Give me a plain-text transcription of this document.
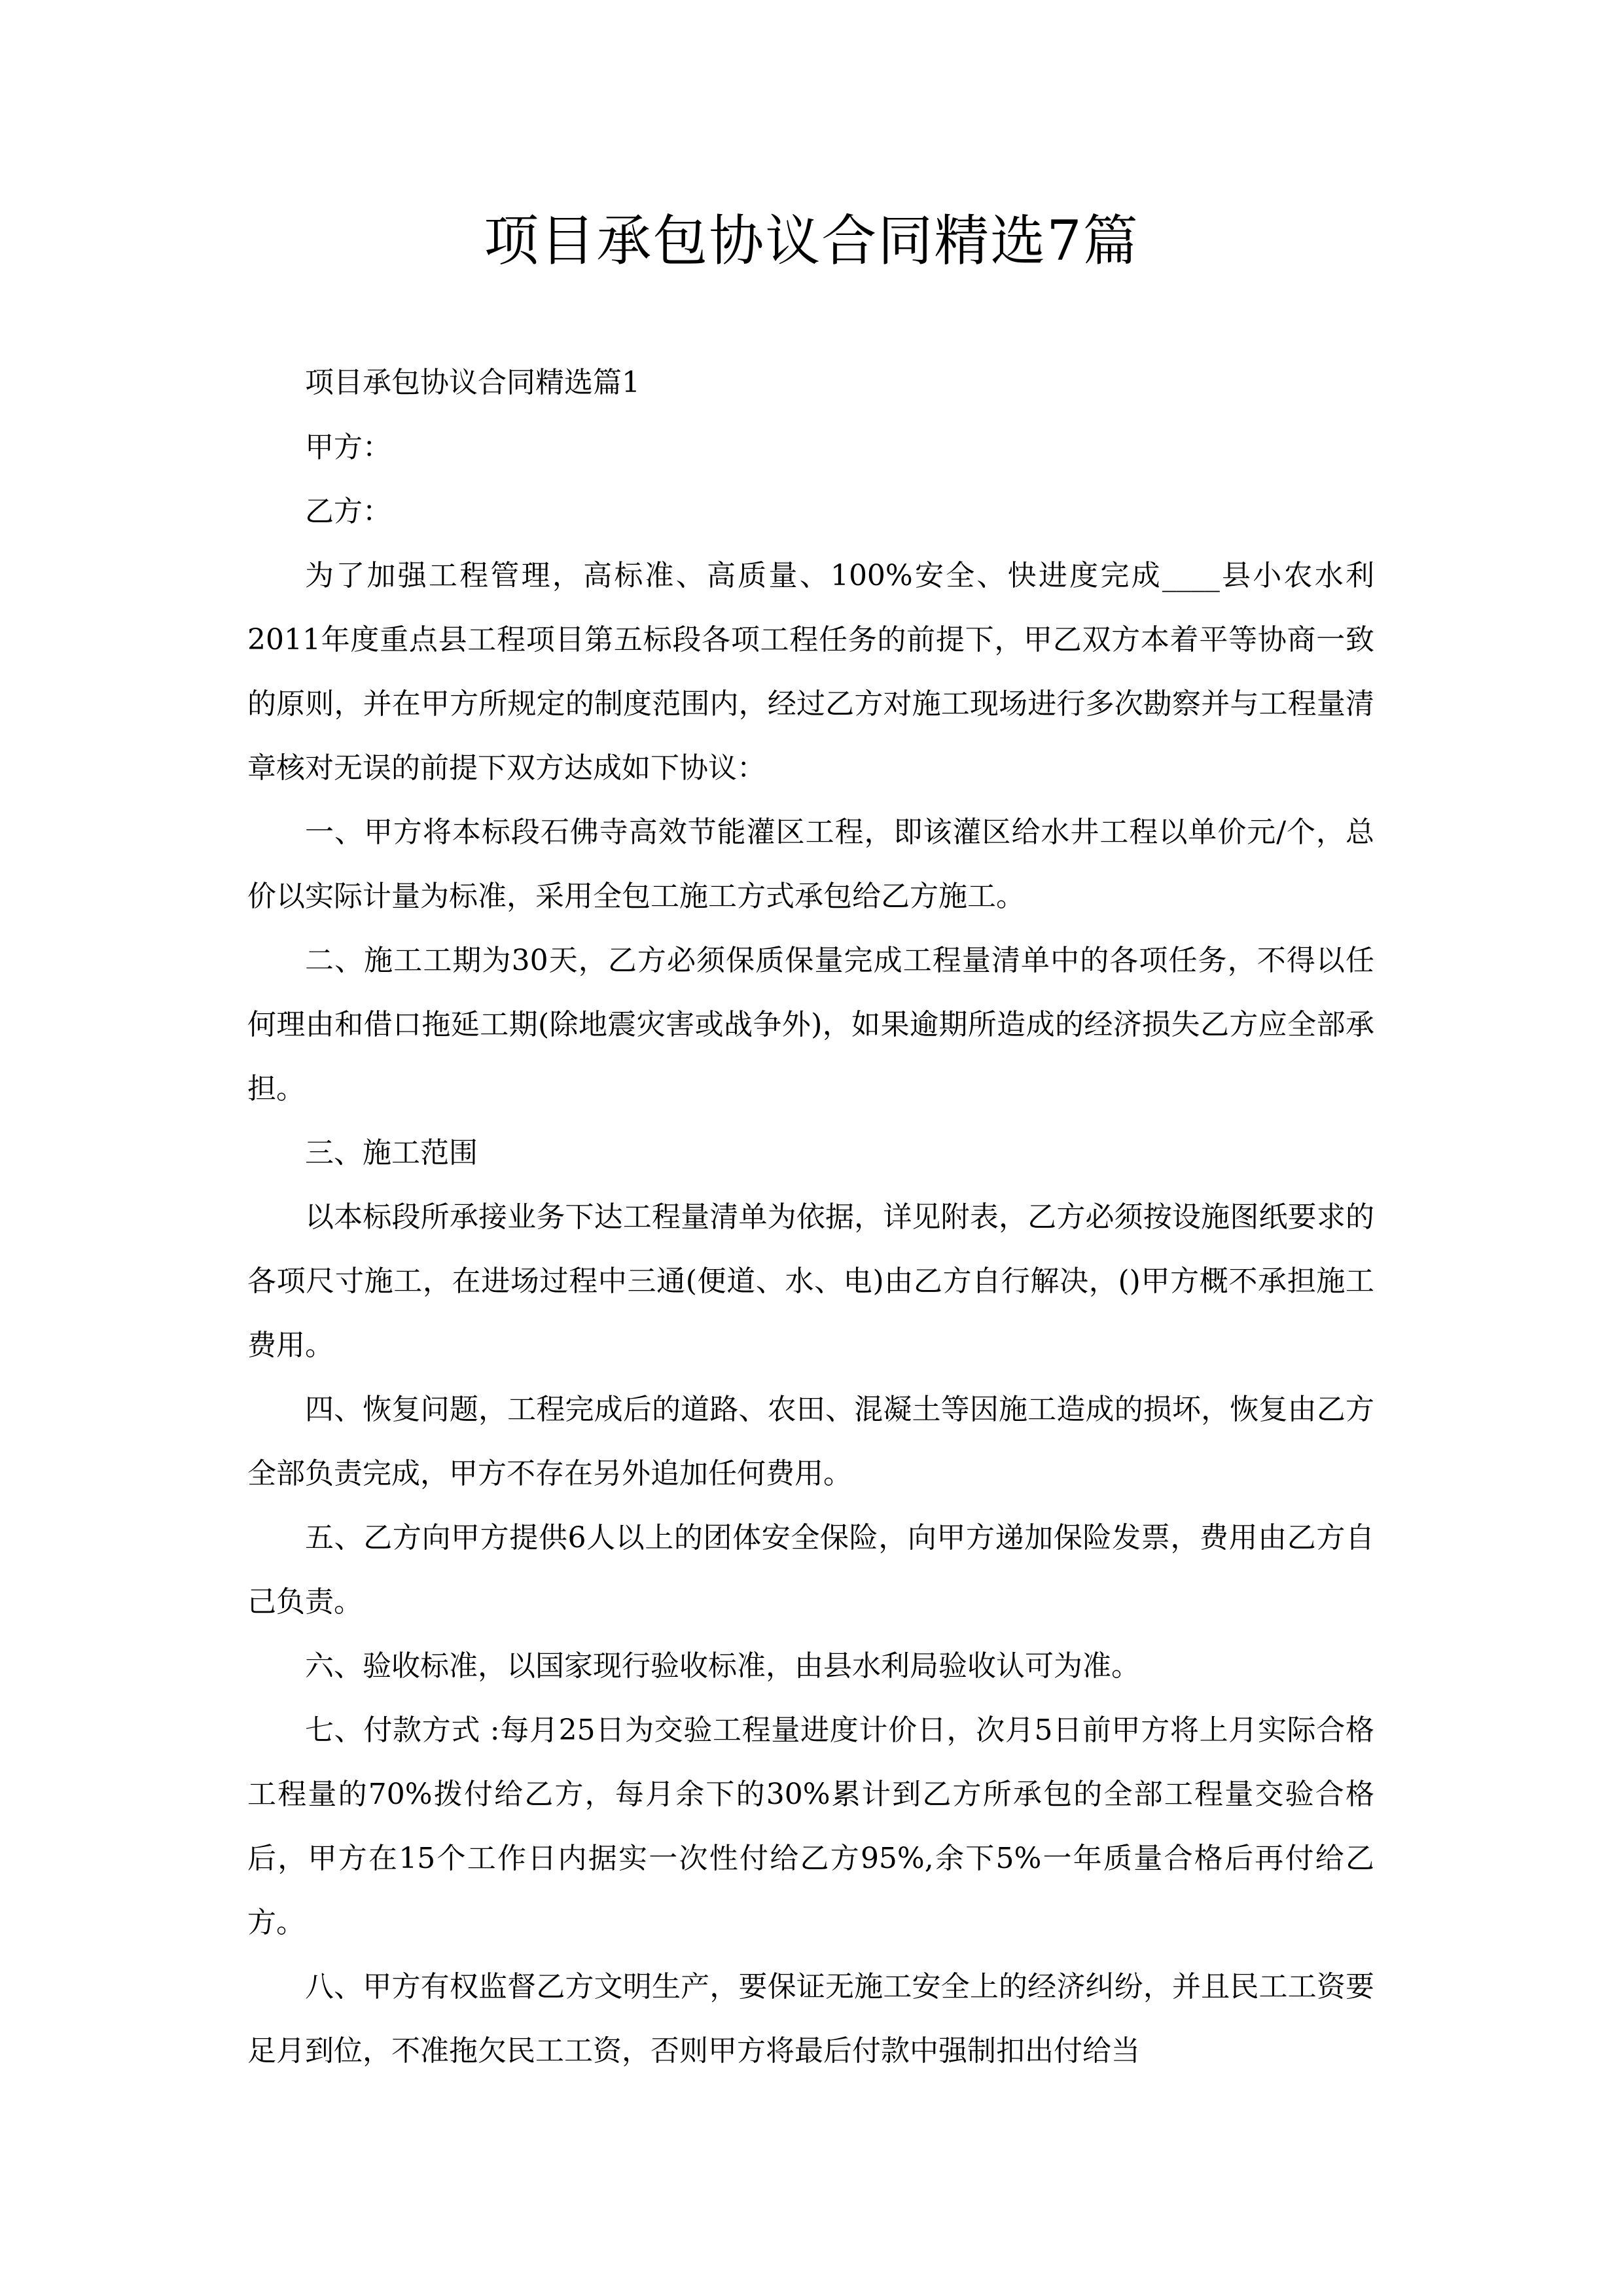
项目承包协议合同精选7篇

项目承包协议合同精选篇1

甲方：

乙方：

为了加强工程管理，高标准、高质量、100%安全、快进度完成____县小农水利2011年度重点县工程项目第五标段各项工程任务的前提下，甲乙双方本着平等协商一致的原则，并在甲方所规定的制度范围内，经过乙方对施工现场进行多次勘察并与工程量清章核对无误的前提下双方达成如下协议：

一、甲方将本标段石佛寺高效节能灌区工程，即该灌区给水井工程以单价元/个，总价以实际计量为标准，采用全包工施工方式承包给乙方施工。

二、施工工期为30天，乙方必须保质保量完成工程量清单中的各项任务，不得以任何理由和借口拖延工期(除地震灾害或战争外)，如果逾期所造成的经济损失乙方应全部承担。

三、施工范围

以本标段所承接业务下达工程量清单为依据，详见附表，乙方必须按设施图纸要求的各项尺寸施工，在进场过程中三通(便道、水、电)由乙方自行解决，()甲方概不承担施工费用。

四、恢复问题，工程完成后的道路、农田、混凝土等因施工造成的损坏，恢复由乙方全部负责完成，甲方不存在另外追加任何费用。

五、乙方向甲方提供6人以上的团体安全保险，向甲方递加保险发票，费用由乙方自己负责。

六、验收标准，以国家现行验收标准，由县水利局验收认可为准。

七、付款方式 :每月25日为交验工程量进度计价日，次月5日前甲方将上月实际合格工程量的70%拨付给乙方，每月余下的30%累计到乙方所承包的全部工程量交验合格后，甲方在15个工作日内据实一次性付给乙方95%,余下5%一年质量合格后再付给乙方。

八、甲方有权监督乙方文明生产，要保证无施工安全上的经济纠纷，并且民工工资要足月到位，不准拖欠民工工资，否则甲方将最后付款中强制扣出付给当
